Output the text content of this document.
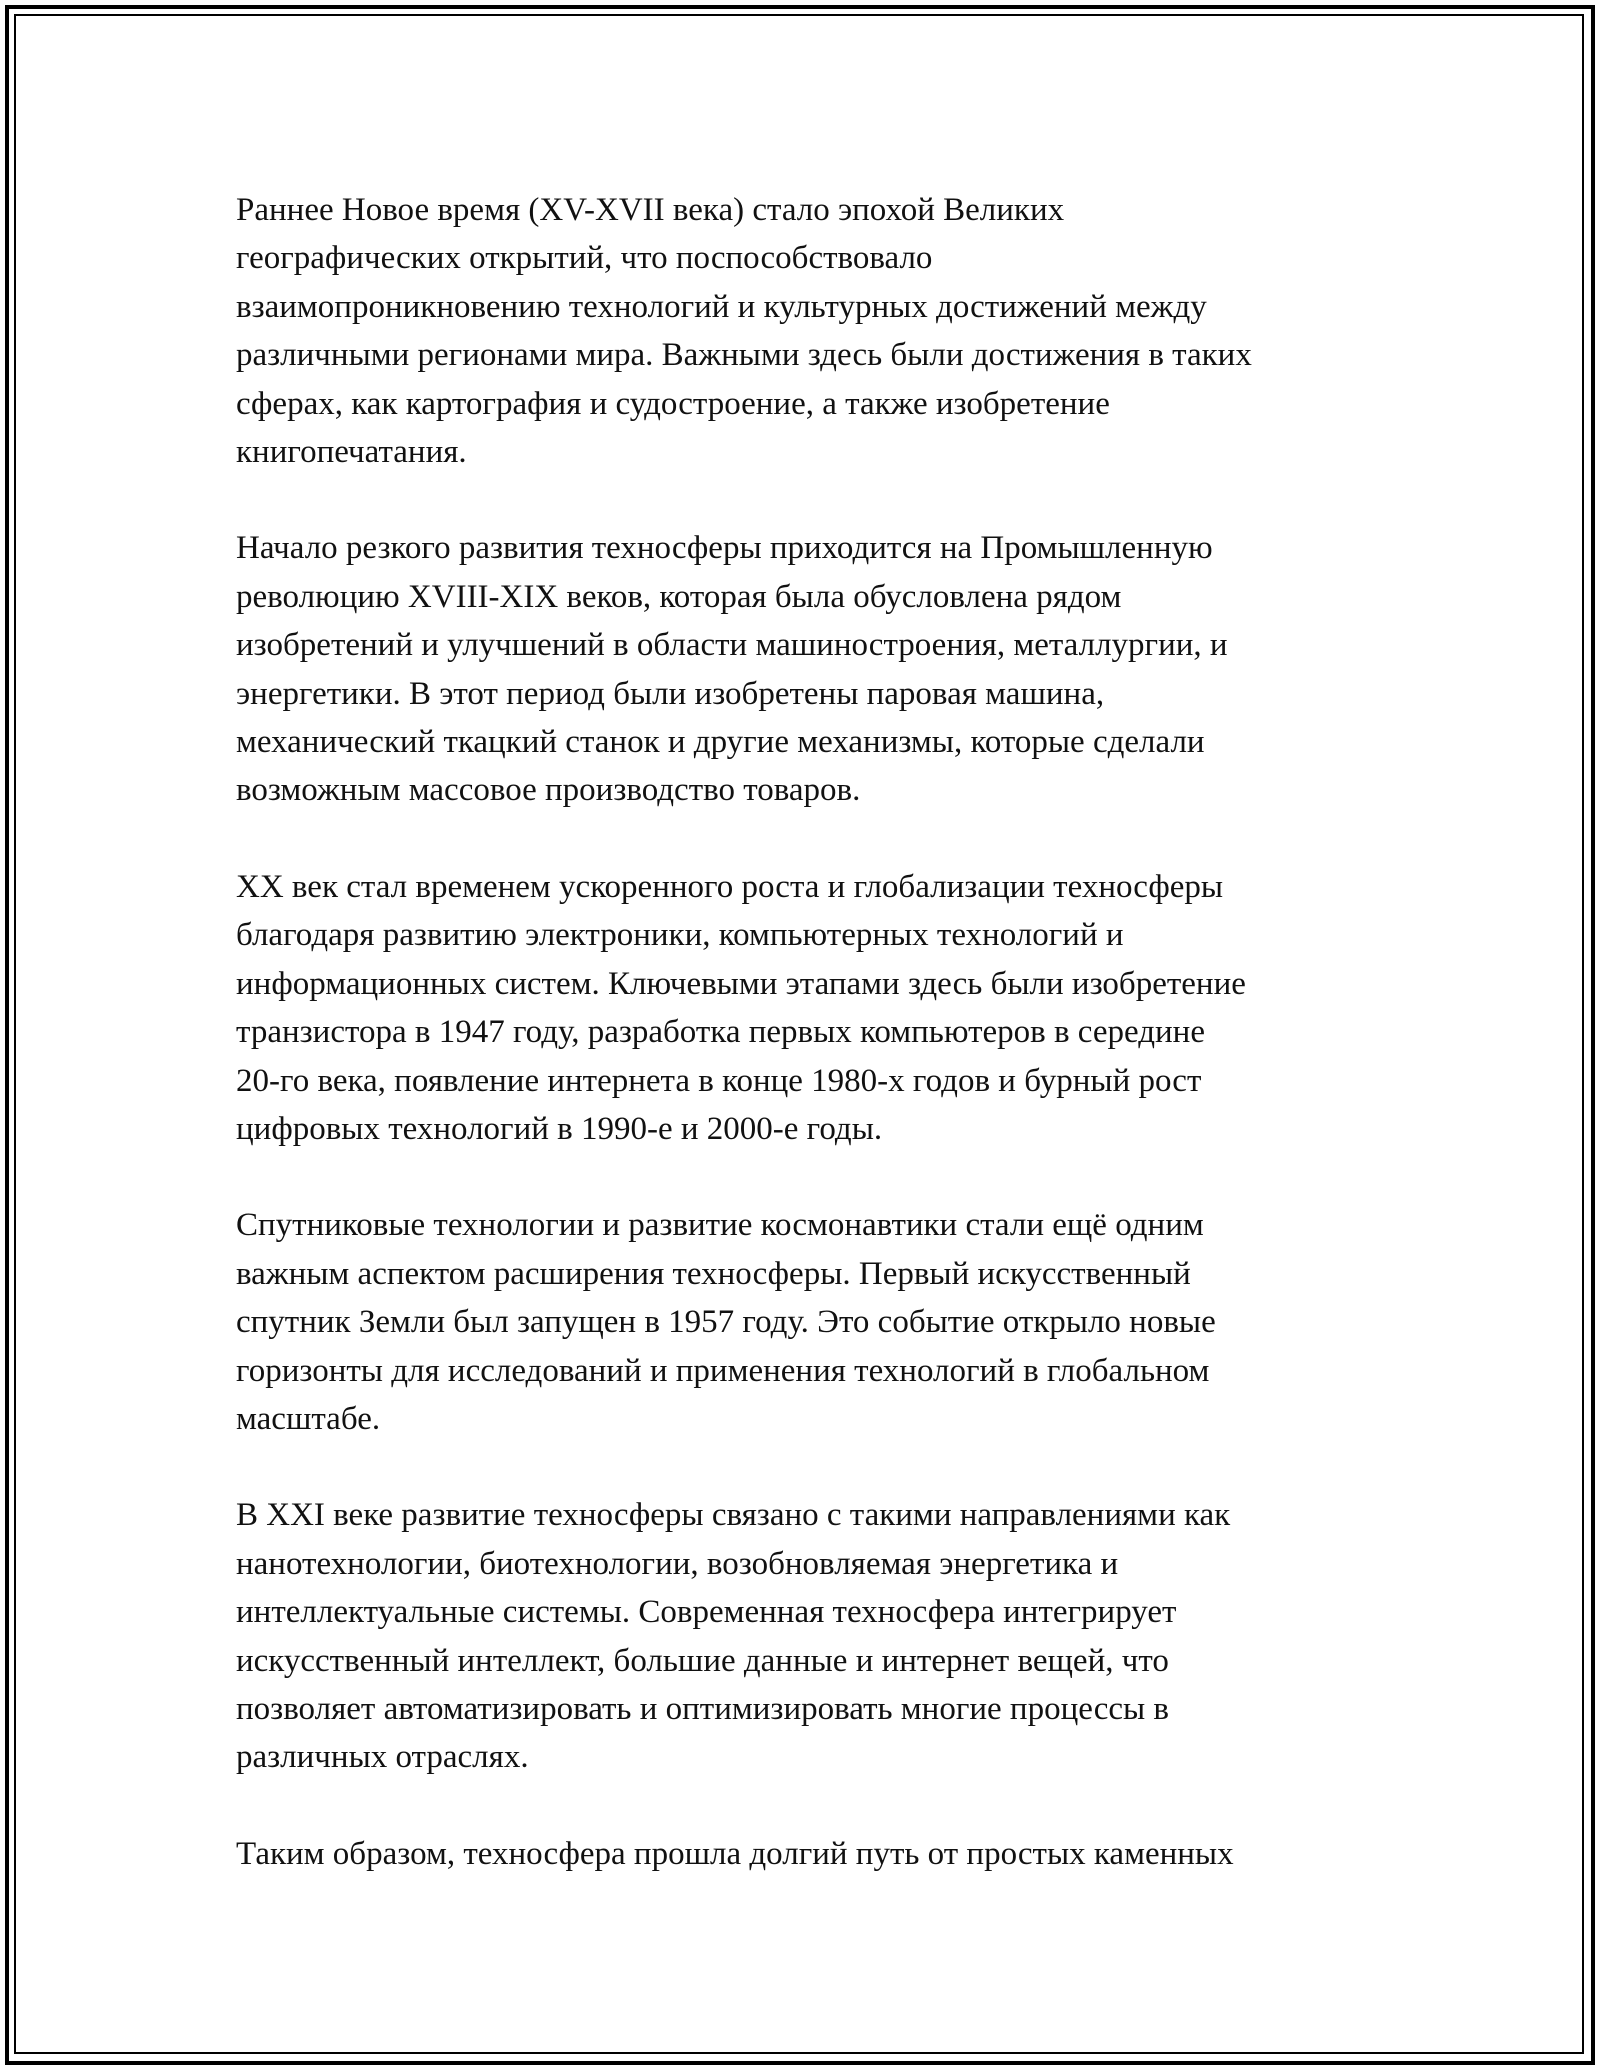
Раннее Новое время (XV-XVII века) стало эпохой Великих
географических открытий, что поспособствовало
взаимопроникновению технологий и культурных достижений между
различными регионами мира. Важными здесь были достижения в таких
сферах, как картография и судостроение, а также изобретение
книгопечатания.

Начало резкого развития техносферы приходится на Промышленную
революцию XVIII-XIX веков, которая была обусловлена рядом
изобретений и улучшений в области машиностроения, металлургии, и
энергетики. В этот период были изобретены паровая машина,
механический ткацкий станок и другие механизмы, которые сделали
возможным массовое производство товаров.

XX век стал временем ускоренного роста и глобализации техносферы
благодаря развитию электроники, компьютерных технологий и
информационных систем. Ключевыми этапами здесь были изобретение
транзистора в 1947 году, разработка первых компьютеров в середине
20-го века, появление интернета в конце 1980-х годов и бурный рост
цифровых технологий в 1990-е и 2000-е годы.

Спутниковые технологии и развитие космонавтики стали ещё одним
важным аспектом расширения техносферы. Первый искусственный
спутник Земли был запущен в 1957 году. Это событие открыло новые
горизонты для исследований и применения технологий в глобальном
масштабе.

В XXI веке развитие техносферы связано с такими направлениями как
нанотехнологии, биотехнологии, возобновляемая энергетика и
интеллектуальные системы. Современная техносфера интегрирует
искусственный интеллект, большие данные и интернет вещей, что
позволяет автоматизировать и оптимизировать многие процессы в
различных отраслях.

Таким образом, техносфера прошла долгий путь от простых каменных
